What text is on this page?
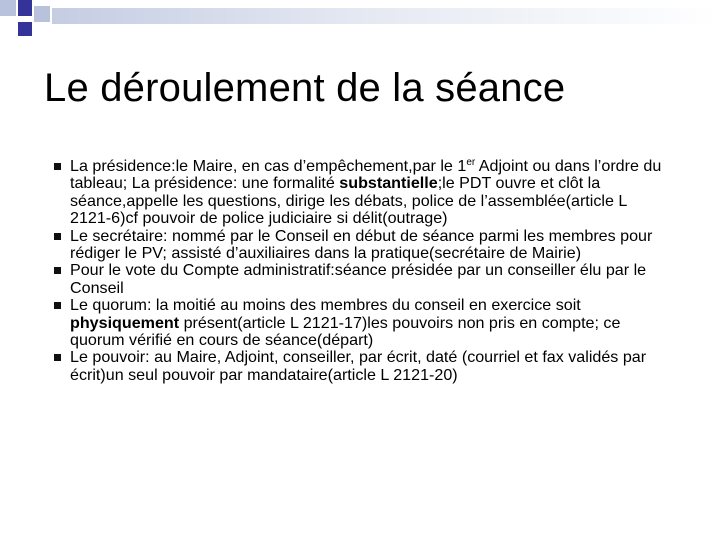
Le déroulement de la séance
La présidence:le Maire, en cas d’empêchement,par le 1er Adjoint ou dans l’ordre du tableau; La présidence: une formalité substantielle;le PDT ouvre et clôt la séance,appelle les questions, dirige les débats, police de l’assemblée(article L 2121-6)cf pouvoir de police judiciaire si délit(outrage)
Le secrétaire: nommé par le Conseil en début de séance parmi les membres pour rédiger le PV; assisté d’auxiliaires dans la pratique(secrétaire de Mairie)
Pour le vote du Compte administratif:séance présidée par un conseiller élu par le Conseil
Le quorum: la moitié au moins des membres du conseil en exercice soit physiquement présent(article L 2121-17)les pouvoirs non pris en compte; ce quorum vérifié en cours de séance(départ)
Le pouvoir: au Maire, Adjoint, conseiller, par écrit, daté (courriel et fax validés par écrit)un seul pouvoir par mandataire(article L 2121-20)
